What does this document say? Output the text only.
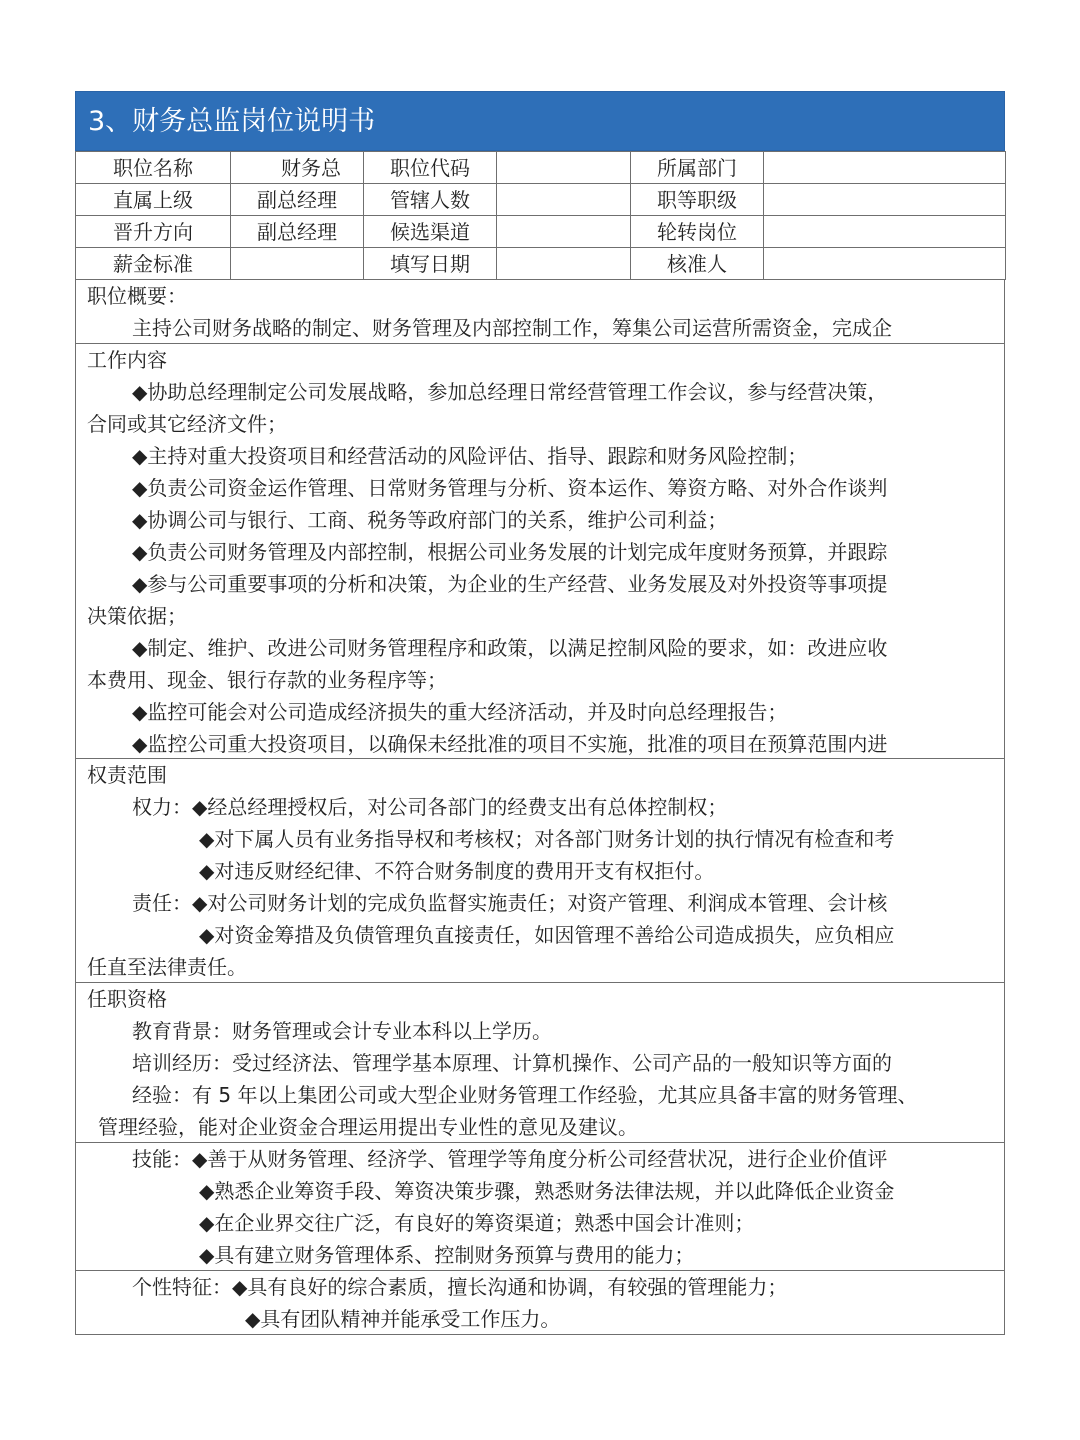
3、财务总监岗位说明书
职位名称	财务总	职位代码		所属部门	
直属上级	副总经理	管辖人数		职等职级	
晋升方向	副总经理	候选渠道		轮转岗位	
薪金标准		填写日期		核准人	
职位概要：
主持公司财务战略的制定、财务管理及内部控制工作，筹集公司运营所需资金，完成企
工作内容
◆协助总经理制定公司发展战略，参加总经理日常经营管理工作会议，参与经营决策，
合同或其它经济文件；
◆主持对重大投资项目和经营活动的风险评估、指导、跟踪和财务风险控制；
◆负责公司资金运作管理、日常财务管理与分析、资本运作、筹资方略、对外合作谈判
◆协调公司与银行、工商、税务等政府部门的关系，维护公司利益；
◆负责公司财务管理及内部控制，根据公司业务发展的计划完成年度财务预算，并跟踪
◆参与公司重要事项的分析和决策，为企业的生产经营、业务发展及对外投资等事项提
决策依据；
◆制定、维护、改进公司财务管理程序和政策，以满足控制风险的要求，如：改进应收
本费用、现金、银行存款的业务程序等；
◆监控可能会对公司造成经济损失的重大经济活动，并及时向总经理报告；
◆监控公司重大投资项目，以确保未经批准的项目不实施，批准的项目在预算范围内进
权责范围
权力：◆经总经理授权后，对公司各部门的经费支出有总体控制权；
◆对下属人员有业务指导权和考核权；对各部门财务计划的执行情况有检查和考
◆对违反财经纪律、不符合财务制度的费用开支有权拒付。
责任：◆对公司财务计划的完成负监督实施责任；对资产管理、利润成本管理、会计核
◆对资金筹措及负债管理负直接责任，如因管理不善给公司造成损失，应负相应
任直至法律责任。
任职资格
教育背景：财务管理或会计专业本科以上学历。
培训经历：受过经济法、管理学基本原理、计算机操作、公司产品的一般知识等方面的
经验：有 5 年以上集团公司或大型企业财务管理工作经验，尤其应具备丰富的财务管理、
管理经验，能对企业资金合理运用提出专业性的意见及建议。
技能：◆善于从财务管理、经济学、管理学等角度分析公司经营状况，进行企业价值评
◆熟悉企业筹资手段、筹资决策步骤，熟悉财务法律法规，并以此降低企业资金
◆在企业界交往广泛，有良好的筹资渠道；熟悉中国会计准则；
◆具有建立财务管理体系、控制财务预算与费用的能力；
个性特征：◆具有良好的综合素质，擅长沟通和协调，有较强的管理能力；
◆具有团队精神并能承受工作压力。
